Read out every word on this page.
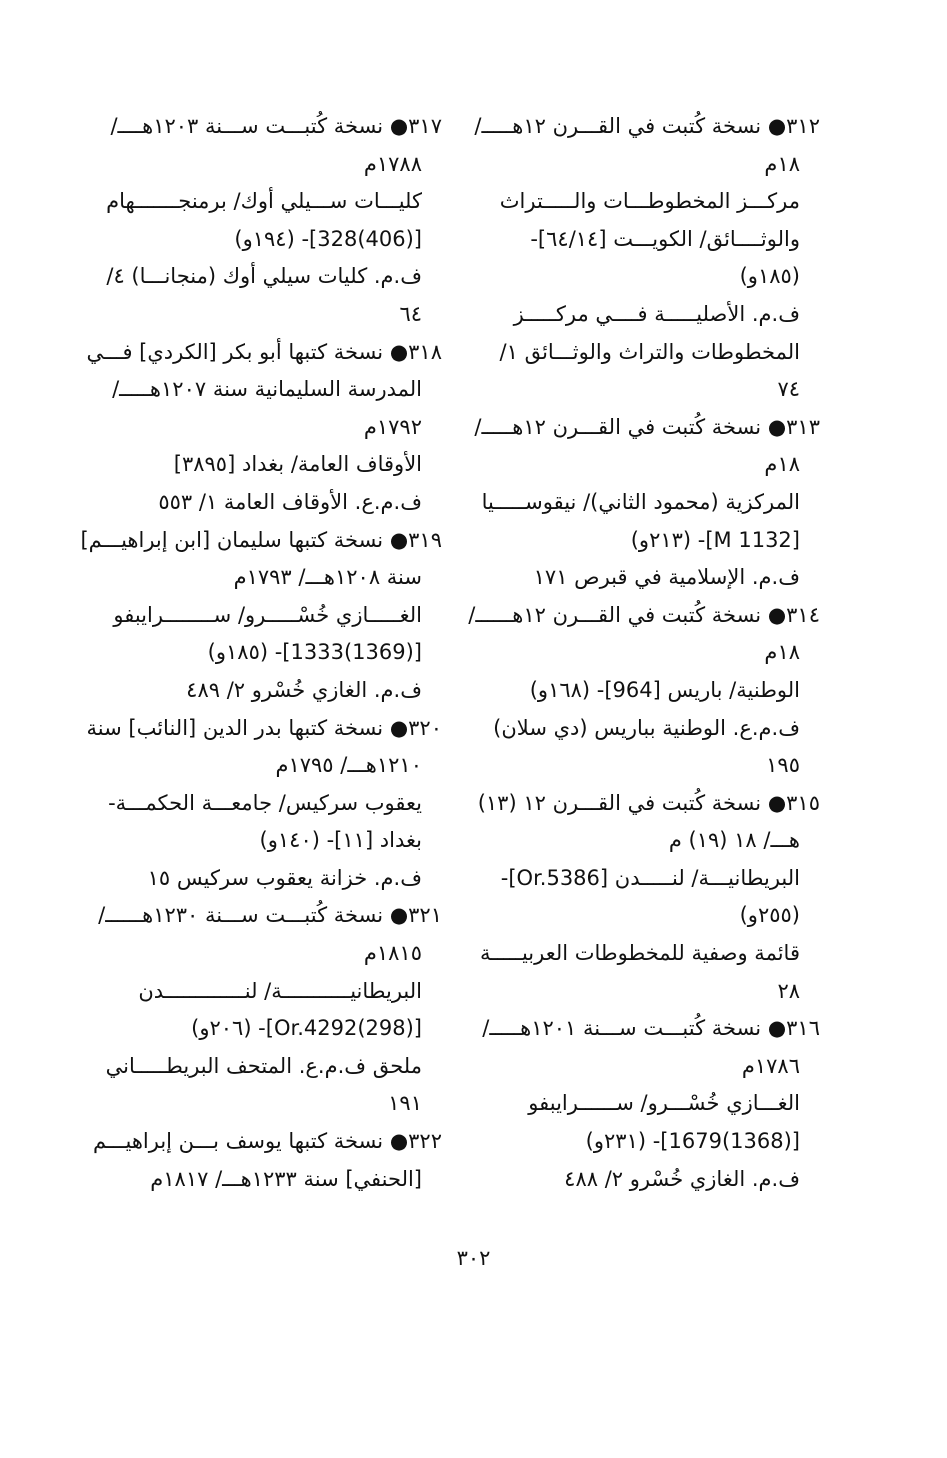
٣١٢● نسخة كُتبت في القـــرن ١٢هـــــ/
١٨م
مركـــز المخطوطـــات والـــــتراث
والوثــــائق/ الكويـــت [٦٤/١٤]-
(١٨٥و)
ف.م. الأصليـــــة فــــي مركـــــز
المخطوطات والتراث والوثـــائق ١/
٧٤
٣١٣● نسخة كُتبت في القـــرن ١٢هـــــ/
١٨م
المركزية (محمود الثاني)/ نيقوســـــيا
[M 1132]- (٢١٣و)
ف.م. الإسلامية في قبرص ١٧١
٣١٤● نسخة كُتبت في القـــرن ١٢هــــــ/
١٨م
الوطنية/ باريس [964]- (١٦٨و)
ف.م.ع. الوطنية بباريس (دي سلان)
١٩٥
٣١٥● نسخة كُتبت في القـــرن ١٢ (١٣)
هـــ/ ١٨ (١٩) م
البريطانيـــة/ لنـــــدن [Or.5386]-
(٢٥٥و)
قائمة وصفية للمخطوطات العربيـــــة
٢٨
٣١٦● نسخة كُتبـــت ســـنة ١٢٠١هـــــ/
١٧٨٦م
الغـــازي خُسْـــرو/ ســــــرايبفو
[(1368)1679]- (٢٣١و)
ف.م. الغازي خُسْرو ٢/ ٤٨٨
٣١٧● نسخة كُتبـــت ســـنة ١٢٠٣هــــ/
١٧٨٨م
كليـــات ســـيلي أوك/ برمنجـــــــهام
[(406)328]- (١٩٤و)
ف.م. كليات سيلي أوك (منجانـــا) ٤/
٦٤
٣١٨● نسخة كتبها أبو بكر [الكردي] فـــي
المدرسة السليمانية سنة ١٢٠٧هـــــ/
١٧٩٢م
الأوقاف العامة/ بغداد [٣٨٩٥]
ف.م.ع. الأوقاف العامة ١/ ٥٥٣
٣١٩● نسخة كتبها سليمان [ابن إبراهيـــم]
سنة ١٢٠٨هـــ/ ١٧٩٣م
الغـــــازي خُسْـــــرو/ ســــــــرايبفو
[(1369)1333]- (١٨٥و)
ف.م. الغازي خُسْرو ٢/ ٤٨٩
٣٢٠● نسخة كتبها بدر الدين [النائب] سنة
١٢١٠هـــ/ ١٧٩٥م
يعقوب سركيس/ جامعـــة الحكمـــة-
بغداد [١١]- (١٤٠و)
ف.م. خزانة يعقوب سركيس ١٥
٣٢١● نسخة كُتبـــت ســـنة ١٢٣٠هــــــ/
١٨١٥م
البريطانيـــــــــــة/ لنـــــــــــــدن
[(298)Or.4292]- (٢٠٦و)
ملحق ف.م.ع. المتحف البريطـــــاني
١٩١
٣٢٢● نسخة كتبها يوسف بـــن إبراهيـــم
[الحنفي] سنة ١٢٣٣هـــ/ ١٨١٧م
٣٠٢
